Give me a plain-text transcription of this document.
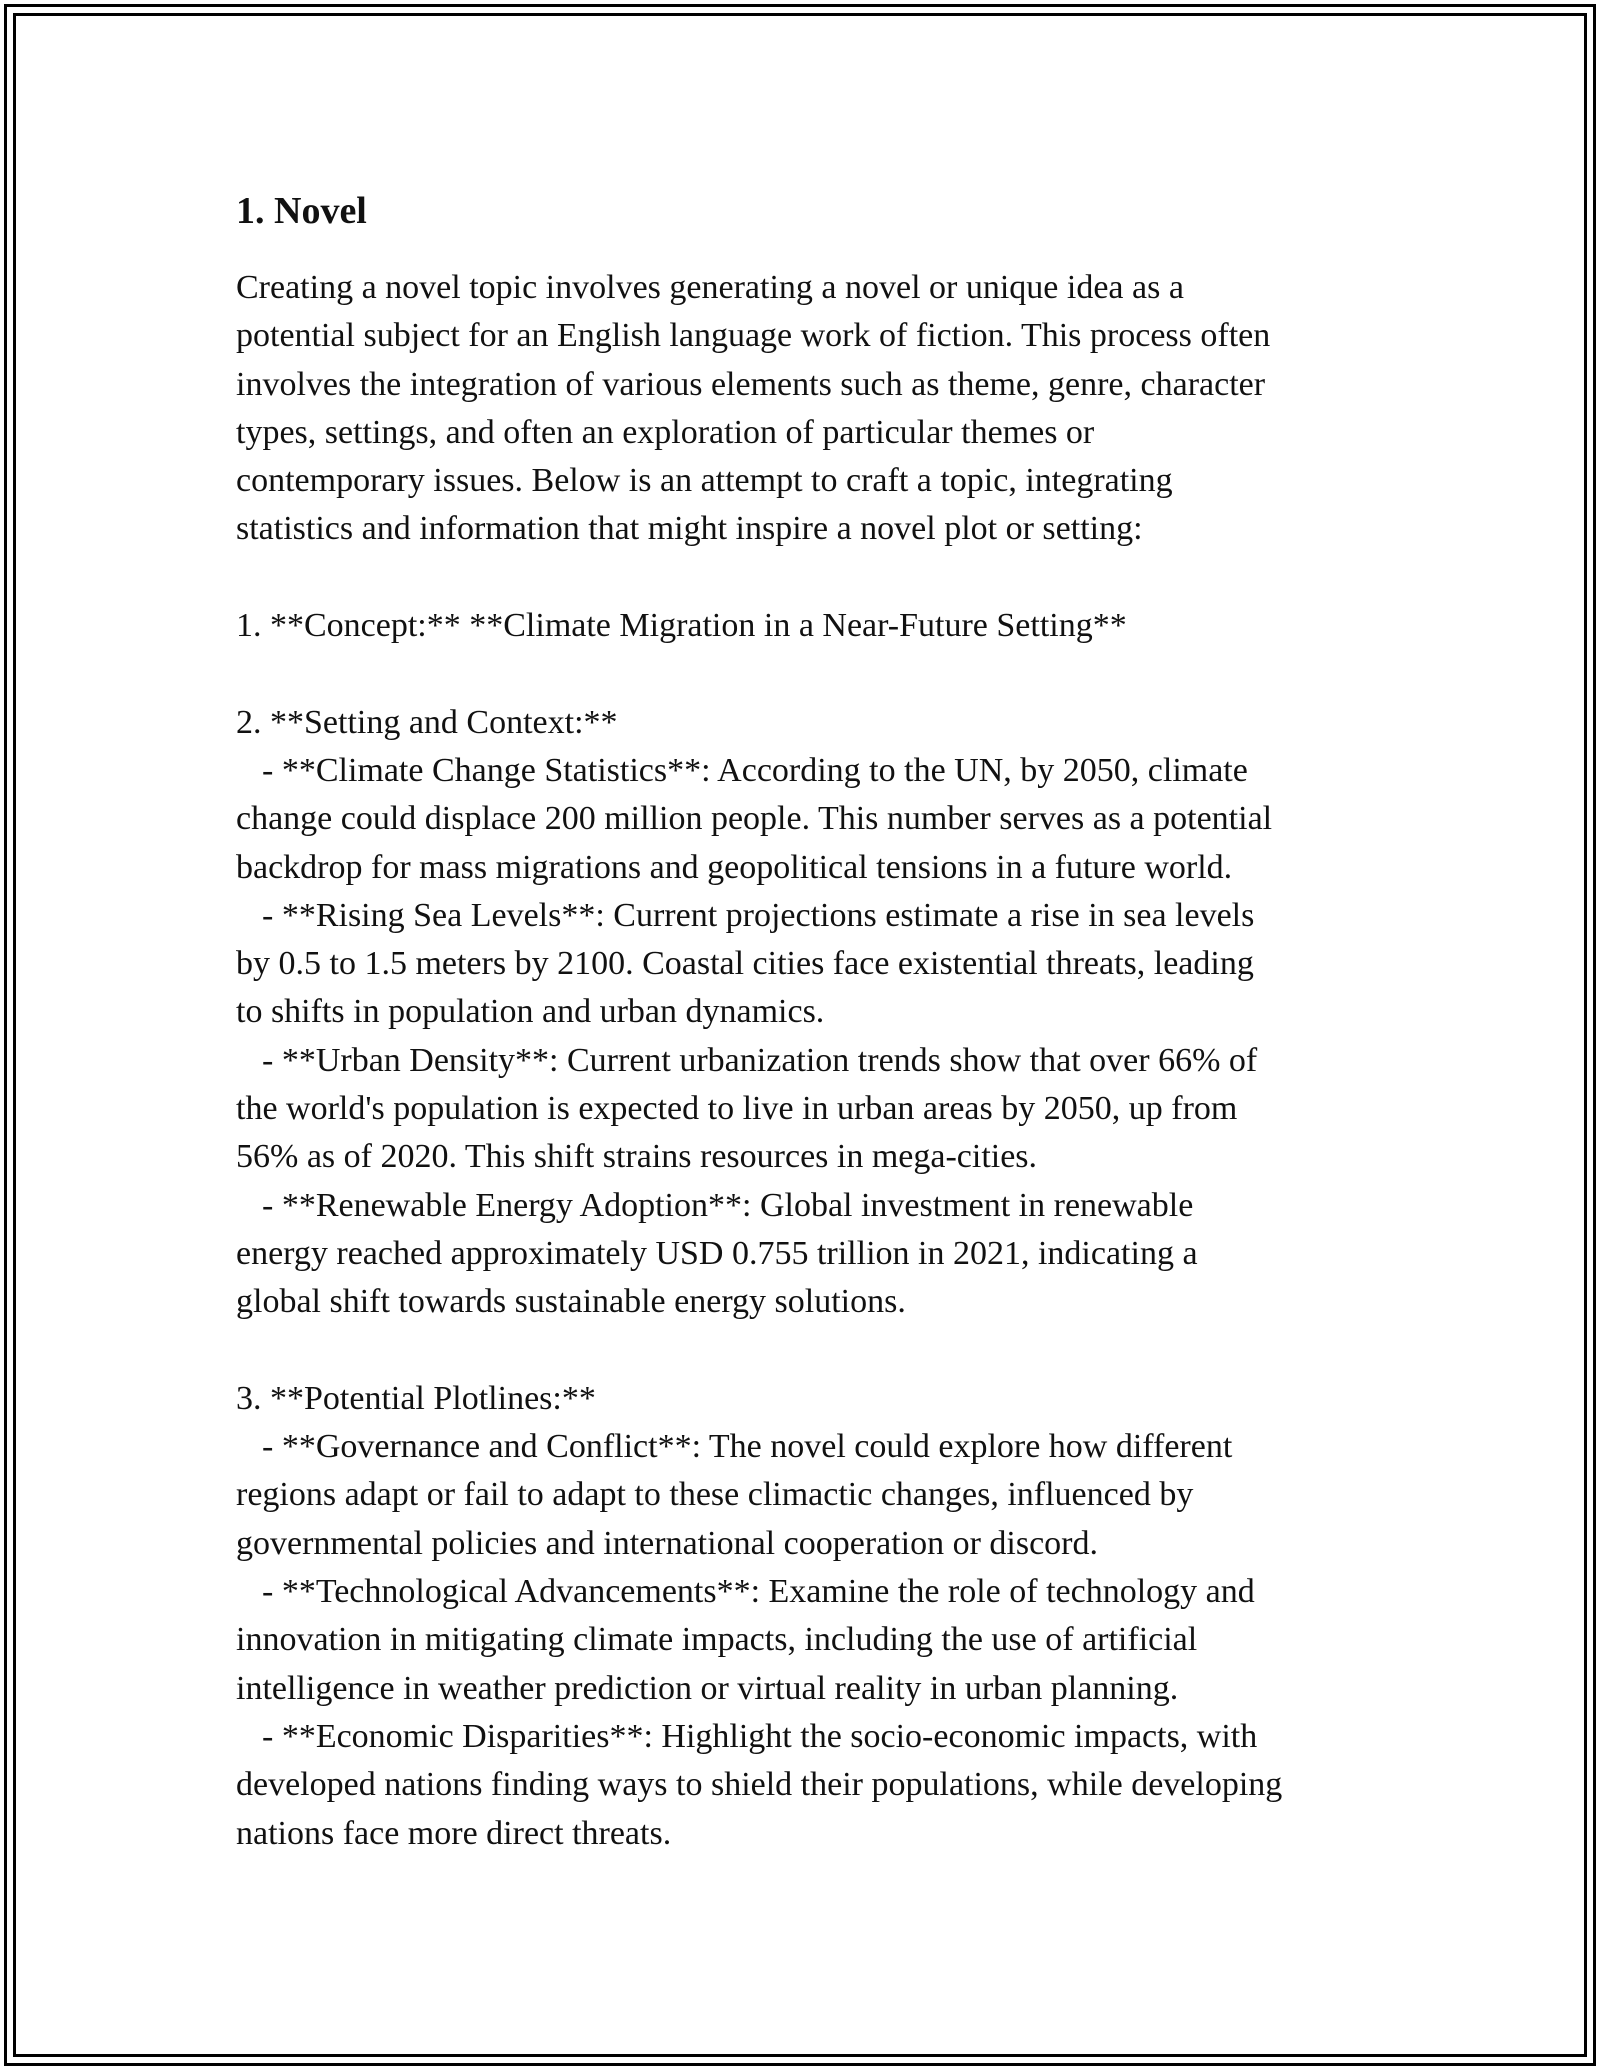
1. Novel
Creating a novel topic involves generating a novel or unique idea as a
potential subject for an English language work of fiction. This process often
involves the integration of various elements such as theme, genre, character
types, settings, and often an exploration of particular themes or
contemporary issues. Below is an attempt to craft a topic, integrating
statistics and information that might inspire a novel plot or setting:
1. **Concept:** **Climate Migration in a Near-Future Setting**
2. **Setting and Context:**
- **Climate Change Statistics**: According to the UN, by 2050, climate
change could displace 200 million people. This number serves as a potential
backdrop for mass migrations and geopolitical tensions in a future world.
- **Rising Sea Levels**: Current projections estimate a rise in sea levels
by 0.5 to 1.5 meters by 2100. Coastal cities face existential threats, leading
to shifts in population and urban dynamics.
- **Urban Density**: Current urbanization trends show that over 66% of
the world's population is expected to live in urban areas by 2050, up from
56% as of 2020. This shift strains resources in mega-cities.
- **Renewable Energy Adoption**: Global investment in renewable
energy reached approximately USD 0.755 trillion in 2021, indicating a
global shift towards sustainable energy solutions.
3. **Potential Plotlines:**
- **Governance and Conflict**: The novel could explore how different
regions adapt or fail to adapt to these climactic changes, influenced by
governmental policies and international cooperation or discord.
- **Technological Advancements**: Examine the role of technology and
innovation in mitigating climate impacts, including the use of artificial
intelligence in weather prediction or virtual reality in urban planning.
- **Economic Disparities**: Highlight the socio-economic impacts, with
developed nations finding ways to shield their populations, while developing
nations face more direct threats.
